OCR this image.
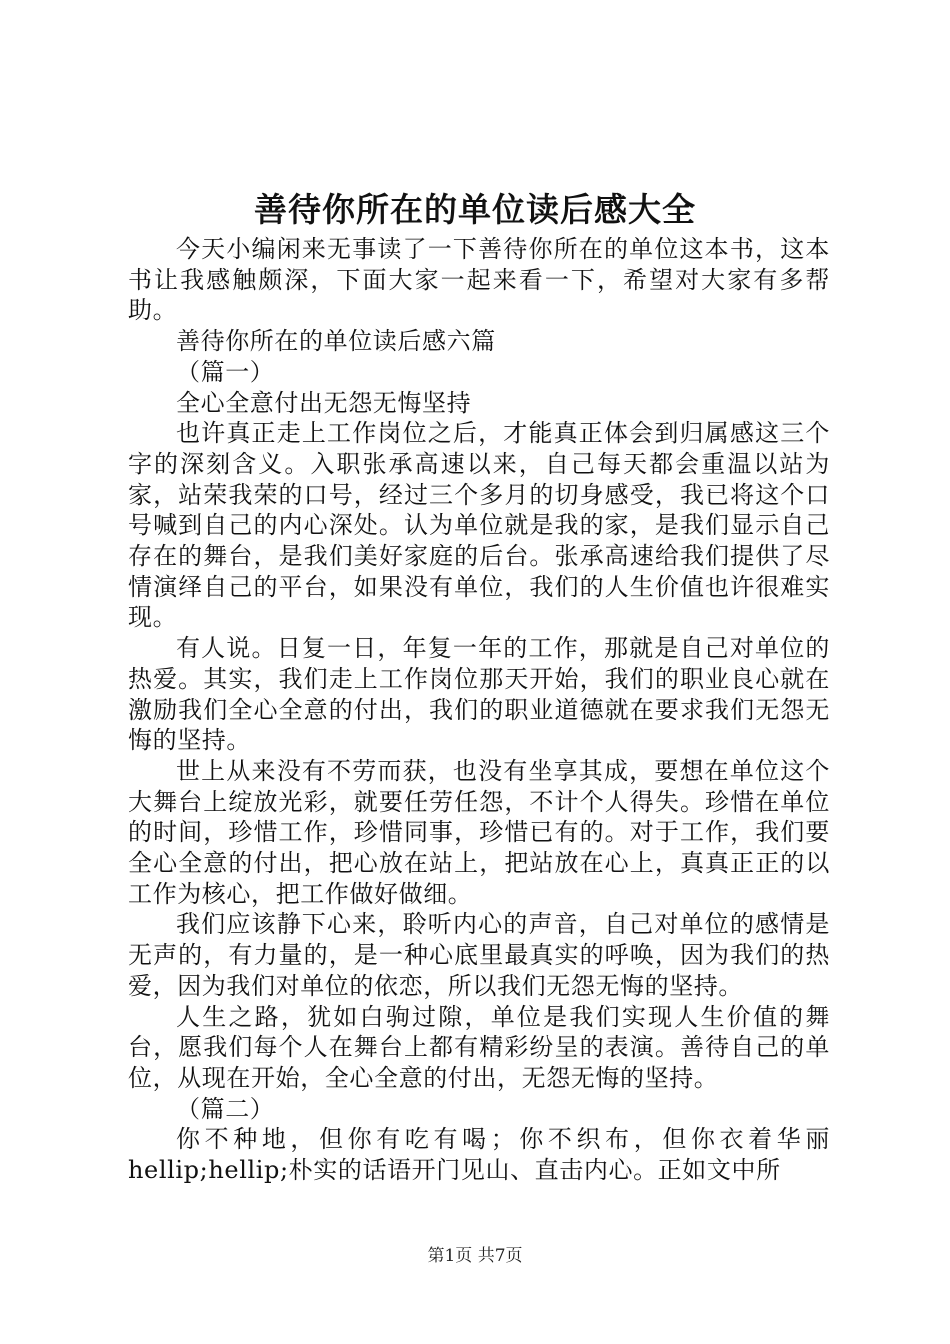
善待你所在的单位读后感大全

今天小编闲来无事读了一下善待你所在的单位这本书，这本书让我感触颇深，下面大家一起来看一下，希望对大家有多帮助。

善待你所在的单位读后感六篇

（篇一）

全心全意付出无怨无悔坚持

也许真正走上工作岗位之后，才能真正体会到归属感这三个字的深刻含义。入职张承高速以来，自己每天都会重温以站为家，站荣我荣的口号，经过三个多月的切身感受，我已将这个口号喊到自己的内心深处。认为单位就是我的家，是我们显示自己存在的舞台，是我们美好家庭的后台。张承高速给我们提供了尽情演绎自己的平台，如果没有单位，我们的人生价值也许很难实现。

有人说。日复一日，年复一年的工作，那就是自己对单位的热爱。其实，我们走上工作岗位那天开始，我们的职业良心就在激励我们全心全意的付出，我们的职业道德就在要求我们无怨无悔的坚持。

世上从来没有不劳而获，也没有坐享其成，要想在单位这个大舞台上绽放光彩，就要任劳任怨，不计个人得失。珍惜在单位的时间，珍惜工作，珍惜同事，珍惜已有的。对于工作，我们要全心全意的付出，把心放在站上，把站放在心上，真真正正的以工作为核心，把工作做好做细。

我们应该静下心来，聆听内心的声音，自己对单位的感情是无声的，有力量的，是一种心底里最真实的呼唤，因为我们的热爱，因为我们对单位的依恋，所以我们无怨无悔的坚持。

人生之路，犹如白驹过隙，单位是我们实现人生价值的舞台，愿我们每个人在舞台上都有精彩纷呈的表演。善待自己的单位，从现在开始，全心全意的付出，无怨无悔的坚持。

（篇二）

你不种地，但你有吃有喝；你不织布，但你衣着华丽hellip;hellip;朴实的话语开门见山、直击内心。正如文中所

第1页 共7页
